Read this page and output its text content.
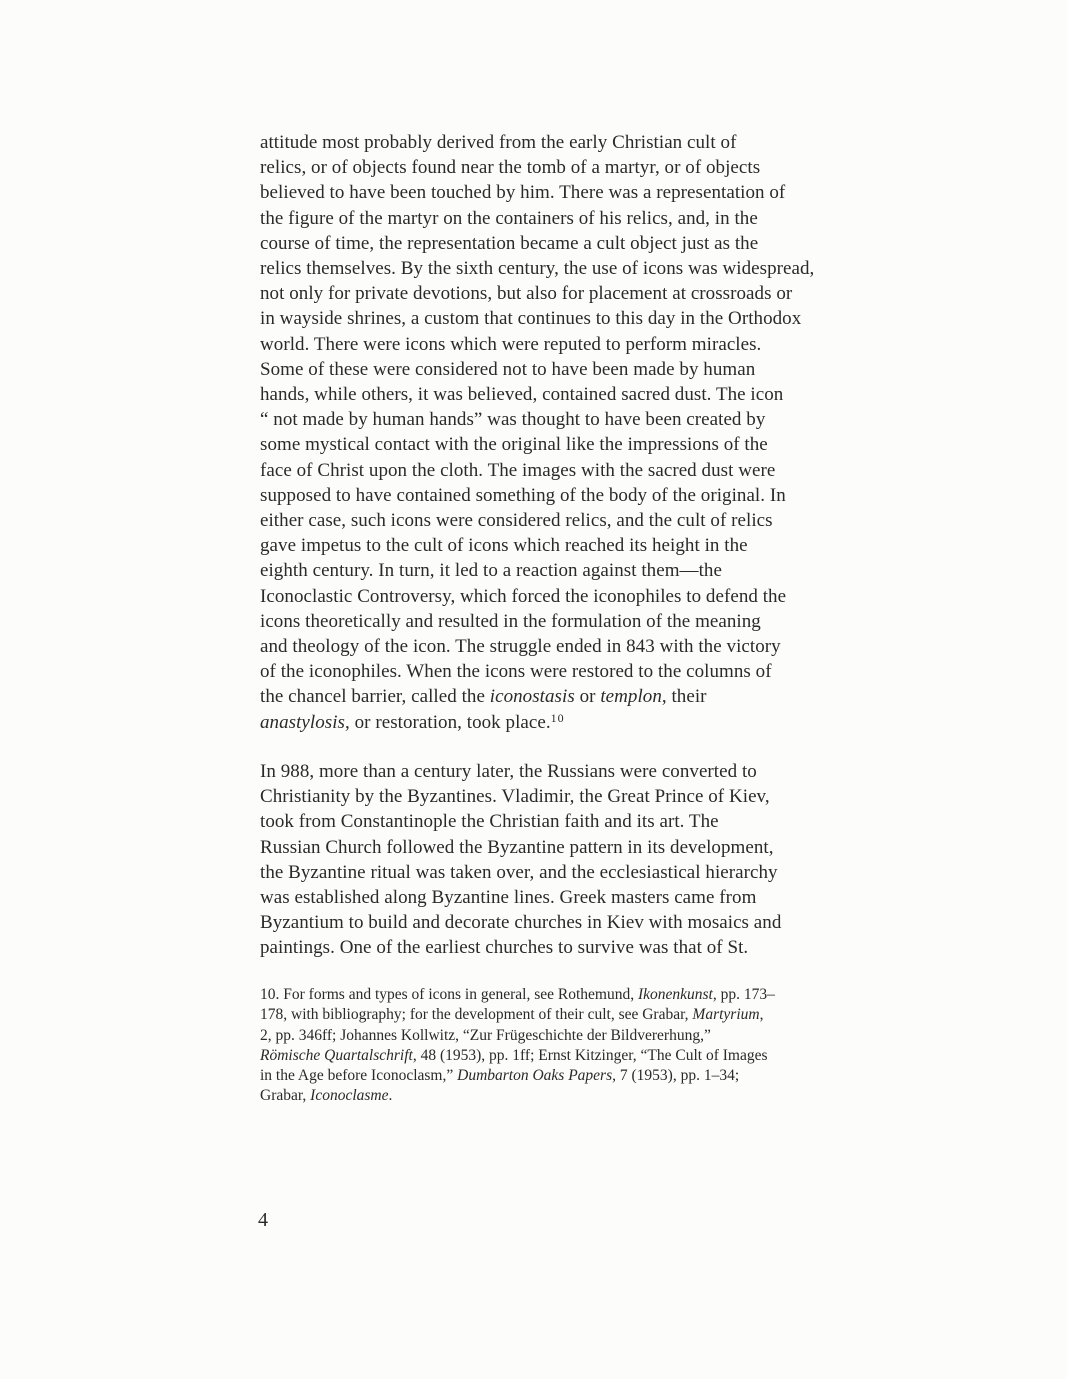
attitude most probably derived from the early Christian cult of
relics, or of objects found near the tomb of a martyr, or of objects
believed to have been touched by him. There was a representation of
the figure of the martyr on the containers of his relics, and, in the
course of time, the representation became a cult object just as the
relics themselves. By the sixth century, the use of icons was widespread,
not only for private devotions, but also for placement at crossroads or
in wayside shrines, a custom that continues to this day in the Orthodox
world. There were icons which were reputed to perform miracles.
Some of these were considered not to have been made by human
hands, while others, it was believed, contained sacred dust. The icon
“ not made by human hands” was thought to have been created by
some mystical contact with the original like the impressions of the
face of Christ upon the cloth. The images with the sacred dust were
supposed to have contained something of the body of the original. In
either case, such icons were considered relics, and the cult of relics
gave impetus to the cult of icons which reached its height in the
eighth century. In turn, it led to a reaction against them—the
Iconoclastic Controversy, which forced the iconophiles to defend the
icons theoretically and resulted in the formulation of the meaning
and theology of the icon. The struggle ended in 843 with the victory
of the iconophiles. When the icons were restored to the columns of
the chancel barrier, called the iconostasis or templon, their
anastylosis, or restoration, took place.$^{10}$
In 988, more than a century later, the Russians were converted to
Christianity by the Byzantines. Vladimir, the Great Prince of Kiev,
took from Constantinople the Christian faith and its art. The
Russian Church followed the Byzantine pattern in its development,
the Byzantine ritual was taken over, and the ecclesiastical hierarchy
was established along Byzantine lines. Greek masters came from
Byzantium to build and decorate churches in Kiev with mosaics and
paintings. One of the earliest churches to survive was that of St.
10. For forms and types of icons in general, see Rothemund, Ikonenkunst, pp. 173–
178, with bibliography; for the development of their cult, see Grabar, Martyrium,
2, pp. 346ff; Johannes Kollwitz, “Zur Frügeschichte der Bildvererhung,”
Römische Quartalschrift, 48 (1953), pp. 1ff; Ernst Kitzinger, “The Cult of Images
in the Age before Iconoclasm,” Dumbarton Oaks Papers, 7 (1953), pp. 1–34;
Grabar, Iconoclasme.
4
